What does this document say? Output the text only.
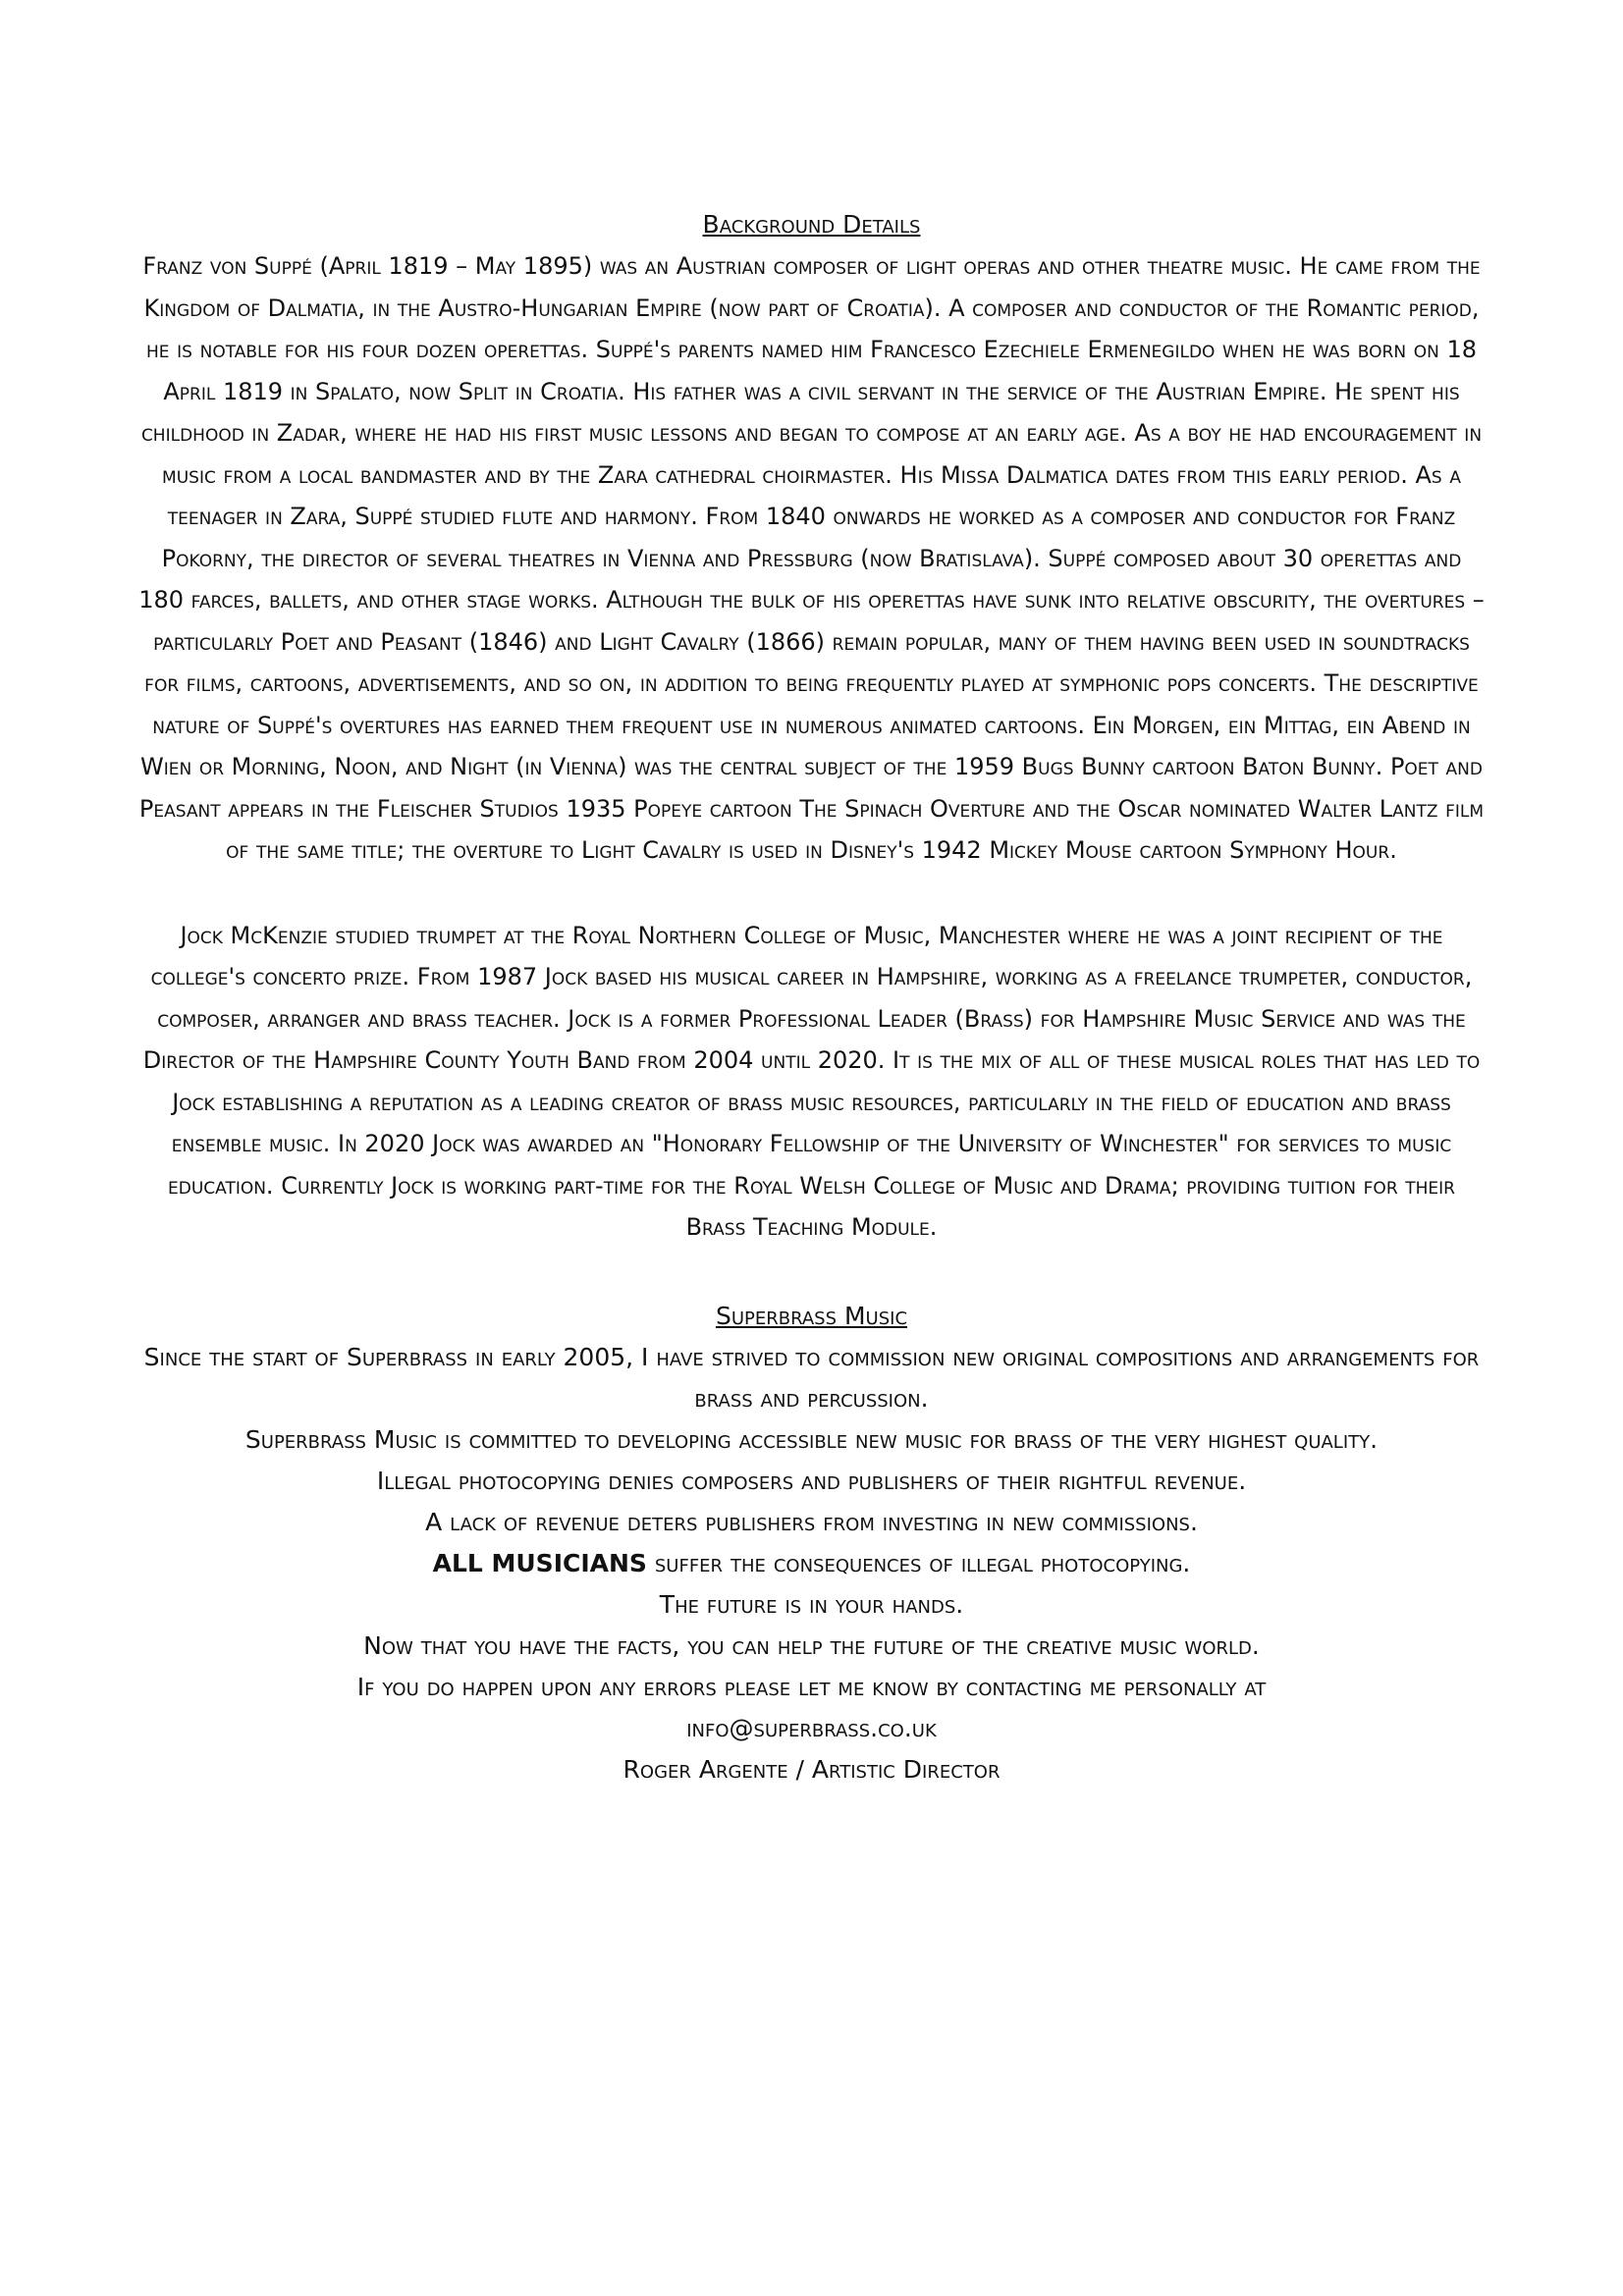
Background Details

Franz von Suppé (April 1819 – May 1895) was an Austrian composer of light operas and other theatre music. He came from the Kingdom of Dalmatia, in the Austro-Hungarian Empire (now part of Croatia). A composer and conductor of the Romantic period, he is notable for his four dozen operettas. Suppé's parents named him Francesco Ezechiele Ermenegildo when he was born on 18 April 1819 in Spalato, now Split in Croatia. His father was a civil servant in the service of the Austrian Empire. He spent his childhood in Zadar, where he had his first music lessons and began to compose at an early age. As a boy he had encouragement in music from a local bandmaster and by the Zara cathedral choirmaster. His Missa Dalmatica dates from this early period. As a teenager in Zara, Suppé studied flute and harmony. From 1840 onwards he worked as a composer and conductor for Franz Pokorny, the director of several theatres in Vienna and Pressburg (now Bratislava). Suppé composed about 30 operettas and 180 farces, ballets, and other stage works. Although the bulk of his operettas have sunk into relative obscurity, the overtures – particularly Poet and Peasant (1846) and Light Cavalry (1866) remain popular, many of them having been used in soundtracks for films, cartoons, advertisements, and so on, in addition to being frequently played at symphonic pops concerts. The descriptive nature of Suppé's overtures has earned them frequent use in numerous animated cartoons. Ein Morgen, ein Mittag, ein Abend in Wien or Morning, Noon, and Night (in Vienna) was the central subject of the 1959 Bugs Bunny cartoon Baton Bunny. Poet and Peasant appears in the Fleischer Studios 1935 Popeye cartoon The Spinach Overture and the Oscar nominated Walter Lantz film of the same title; the overture to Light Cavalry is used in Disney's 1942 Mickey Mouse cartoon Symphony Hour.

Jock McKenzie studied trumpet at the Royal Northern College of Music, Manchester where he was a joint recipient of the college's concerto prize. From 1987 Jock based his musical career in Hampshire, working as a freelance trumpeter, conductor, composer, arranger and brass teacher. Jock is a former Professional Leader (Brass) for Hampshire Music Service and was the Director of the Hampshire County Youth Band from 2004 until 2020. It is the mix of all of these musical roles that has led to Jock establishing a reputation as a leading creator of brass music resources, particularly in the field of education and brass ensemble music. In 2020 Jock was awarded an "Honorary Fellowship of the University of Winchester" for services to music education. Currently Jock is working part-time for the Royal Welsh College of Music and Drama; providing tuition for their Brass Teaching Module.

Superbrass Music
Since the start of Superbrass in early 2005, I have strived to commission new original compositions and arrangements for brass and percussion.
Superbrass Music is committed to developing accessible new music for brass of the very highest quality.
Illegal photocopying denies composers and publishers of their rightful revenue.
A lack of revenue deters publishers from investing in new commissions.
ALL MUSICIANS suffer the consequences of illegal photocopying.
The future is in your hands.
Now that you have the facts, you can help the future of the creative music world.
If you do happen upon any errors please let me know by contacting me personally at
info@superbrass.co.uk
Roger Argente / Artistic Director
